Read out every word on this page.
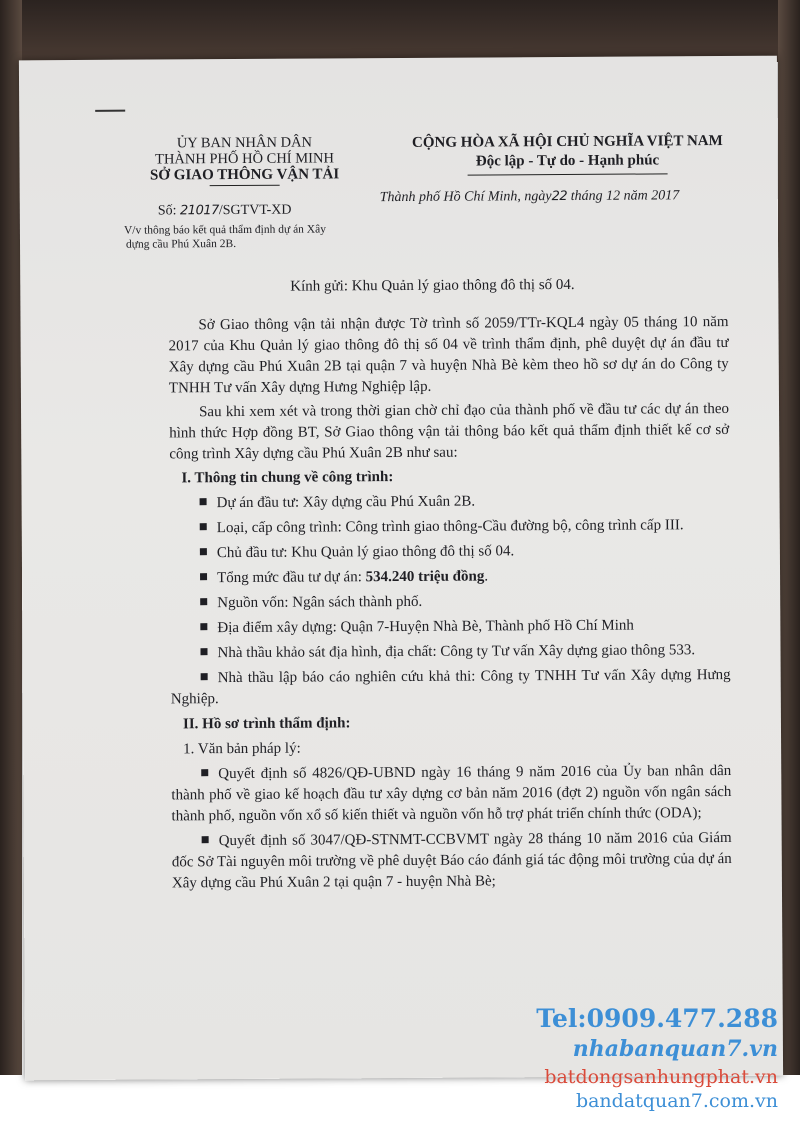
ỦY BAN NHÂN DÂN
THÀNH PHỐ HỒ CHÍ MINH
SỞ GIAO THÔNG VẬN TẢI
CỘNG HÒA XÃ HỘI CHỦ NGHĨA VIỆT NAM
Độc lập - Tự do - Hạnh phúc
Số: 21017/SGTVT-XD
Thành phố Hồ Chí Minh, ngày22 tháng 12 năm 2017
V/v thông báo kết quả thẩm định dự án Xây
dựng cầu Phú Xuân 2B.
Kính gửi: Khu Quản lý giao thông đô thị số 04.

Sở Giao thông vận tải nhận được Tờ trình số 2059/TTr-KQL4 ngày 05 tháng 10 năm 2017 của Khu Quản lý giao thông đô thị số 04 về trình thẩm định, phê duyệt dự án đầu tư Xây dựng cầu Phú Xuân 2B tại quận 7 và huyện Nhà Bè kèm theo hồ sơ dự án do Công ty TNHH Tư vấn Xây dựng Hưng Nghiệp lập.

Sau khi xem xét và trong thời gian chờ chỉ đạo của thành phố về đầu tư các dự án theo hình thức Hợp đồng BT, Sở Giao thông vận tải thông báo kết quả thẩm định thiết kế cơ sở công trình Xây dựng cầu Phú Xuân 2B như sau:

I. Thông tin chung về công trình:
Dự án đầu tư: Xây dựng cầu Phú Xuân 2B.
Loại, cấp công trình: Công trình giao thông-Cầu đường bộ, công trình cấp III.
Chủ đầu tư: Khu Quản lý giao thông đô thị số 04.
Tổng mức đầu tư dự án: 534.240 triệu đồng.
Nguồn vốn: Ngân sách thành phố.
Địa điểm xây dựng: Quận 7-Huyện Nhà Bè, Thành phố Hồ Chí Minh
Nhà thầu khảo sát địa hình, địa chất: Công ty Tư vấn Xây dựng giao thông 533.
Nhà thầu lập báo cáo nghiên cứu khả thi: Công ty TNHH Tư vấn Xây dựng Hưng Nghiệp.
II. Hồ sơ trình thẩm định:
1. Văn bản pháp lý:
Quyết định số 4826/QĐ-UBND ngày 16 tháng 9 năm 2016 của Ủy ban nhân dân thành phố về giao kế hoạch đầu tư xây dựng cơ bản năm 2016 (đợt 2) nguồn vốn ngân sách thành phố, nguồn vốn xổ số kiến thiết và nguồn vốn hỗ trợ phát triển chính thức (ODA);
Quyết định số 3047/QĐ-STNMT-CCBVMT ngày 28 tháng 10 năm 2016 của Giám đốc Sở Tài nguyên môi trường về phê duyệt Báo cáo đánh giá tác động môi trường của dự án Xây dựng cầu Phú Xuân 2 tại quận 7 - huyện Nhà Bè;
Tel:0909.477.288
nhabanquan7.vn
batdongsanhungphat.vn
bandatquan7.com.vn
